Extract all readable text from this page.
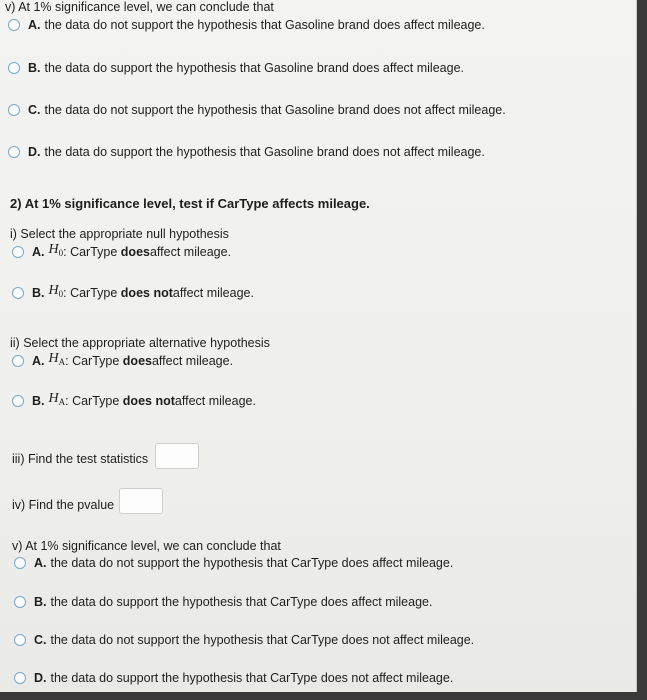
v) At 1% significance level, we can conclude that
A. the data do not support the hypothesis that Gasoline brand does affect mileage.
B. the data do support the hypothesis that Gasoline brand does affect mileage.
C. the data do not support the hypothesis that Gasoline brand does not affect mileage.
D. the data do support the hypothesis that Gasoline brand does not affect mileage.
2) At 1% significance level, test if CarType affects mileage.
i) Select the appropriate null hypothesis
A. $H_0$ : CarType
does affect mileage.
B. $H_0$ : CarType
does not affect mileage.
ii) Select the appropriate alternative hypothesis
A. $H_A$ : CarType
does affect mileage.
B. $H_A$ : CarType
does not affect mileage.
iii) Find the test statistics
iv) Find the pvalue
v) At 1% significance level, we can conclude that
A. the data do not support the hypothesis that CarType does affect mileage.
B. the data do support the hypothesis that CarType does affect mileage.
C. the data do not support the hypothesis that CarType does not affect mileage.
D. the data do support the hypothesis that CarType does not affect mileage.
